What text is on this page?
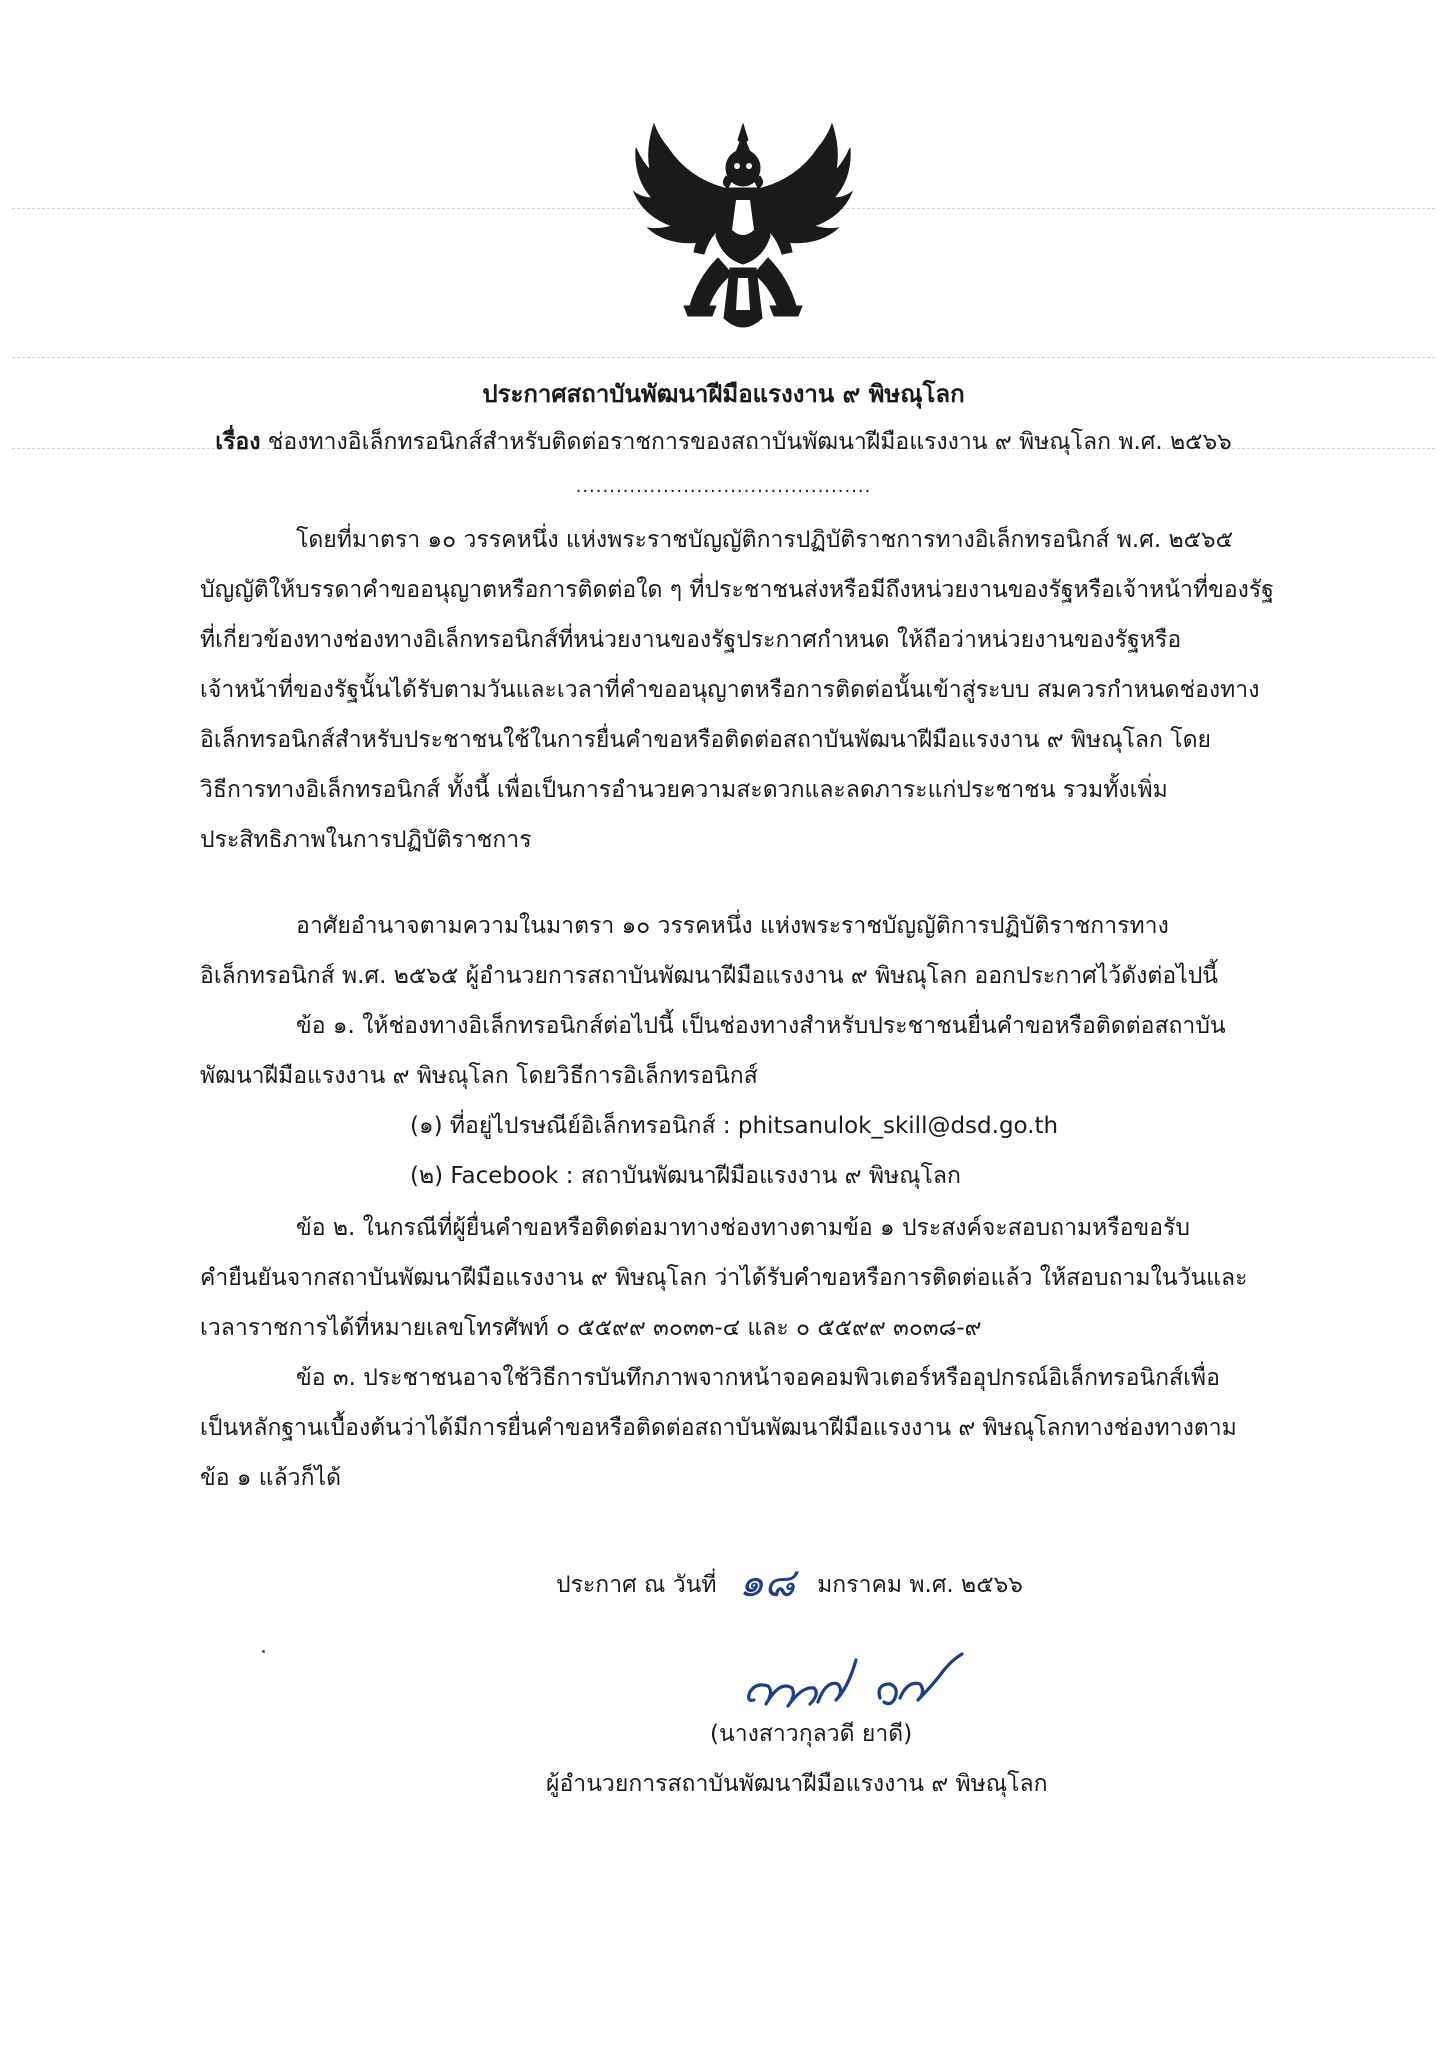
ประกาศสถาบันพัฒนาฝีมือแรงงาน ๙ พิษณุโลก
เรื่อง ช่องทางอิเล็กทรอนิกส์สำหรับติดต่อราชการของสถาบันพัฒนาฝีมือแรงงาน ๙ พิษณุโลก พ.ศ. ๒๕๖๖
............................................
โดยที่มาตรา ๑๐ วรรคหนึ่ง แห่งพระราชบัญญัติการปฏิบัติราชการทางอิเล็กทรอนิกส์ พ.ศ. ๒๕๖๕
บัญญัติให้บรรดาคำขออนุญาตหรือการติดต่อใด ๆ ที่ประชาชนส่งหรือมีถึงหน่วยงานของรัฐหรือเจ้าหน้าที่ของรัฐ
ที่เกี่ยวข้องทางช่องทางอิเล็กทรอนิกส์ที่หน่วยงานของรัฐประกาศกำหนด ให้ถือว่าหน่วยงานของรัฐหรือ
เจ้าหน้าที่ของรัฐนั้นได้รับตามวันและเวลาที่คำขออนุญาตหรือการติดต่อนั้นเข้าสู่ระบบ สมควรกำหนดช่องทาง
อิเล็กทรอนิกส์สำหรับประชาชนใช้ในการยื่นคำขอหรือติดต่อสถาบันพัฒนาฝีมือแรงงาน ๙ พิษณุโลก โดย
วิธีการทางอิเล็กทรอนิกส์ ทั้งนี้ เพื่อเป็นการอำนวยความสะดวกและลดภาระแก่ประชาชน รวมทั้งเพิ่ม
ประสิทธิภาพในการปฏิบัติราชการ
อาศัยอำนาจตามความในมาตรา ๑๐ วรรคหนึ่ง แห่งพระราชบัญญัติการปฏิบัติราชการทาง
อิเล็กทรอนิกส์ พ.ศ. ๒๕๖๕ ผู้อำนวยการสถาบันพัฒนาฝีมือแรงงาน ๙ พิษณุโลก ออกประกาศไว้ดังต่อไปนี้
ข้อ ๑. ให้ช่องทางอิเล็กทรอนิกส์ต่อไปนี้ เป็นช่องทางสำหรับประชาชนยื่นคำขอหรือติดต่อสถาบัน
พัฒนาฝีมือแรงงาน ๙ พิษณุโลก โดยวิธีการอิเล็กทรอนิกส์
(๑) ที่อยู่ไปรษณีย์อิเล็กทรอนิกส์ : phitsanulok_skill@dsd.go.th
(๒) Facebook : สถาบันพัฒนาฝีมือแรงงาน ๙ พิษณุโลก
ข้อ ๒. ในกรณีที่ผู้ยื่นคำขอหรือติดต่อมาทางช่องทางตามข้อ ๑ ประสงค์จะสอบถามหรือขอรับ
คำยืนยันจากสถาบันพัฒนาฝีมือแรงงาน ๙ พิษณุโลก ว่าได้รับคำขอหรือการติดต่อแล้ว ให้สอบถามในวันและ
เวลาราชการได้ที่หมายเลขโทรศัพท์ ๐ ๕๕๙๙ ๓๐๓๓-๔ และ ๐ ๕๕๙๙ ๓๐๓๘-๙
ข้อ ๓. ประชาชนอาจใช้วิธีการบันทึกภาพจากหน้าจอคอมพิวเตอร์หรืออุปกรณ์อิเล็กทรอนิกส์เพื่อ
เป็นหลักฐานเบื้องต้นว่าได้มีการยื่นคำขอหรือติดต่อสถาบันพัฒนาฝีมือแรงงาน ๙ พิษณุโลกทางช่องทางตาม
ข้อ ๑ แล้วก็ได้
ประกาศ ณ วันที่ ๑๘ มกราคม พ.ศ. ๒๕๖๖
(นางสาวกุลวดี ยาดี)
ผู้อำนวยการสถาบันพัฒนาฝีมือแรงงาน ๙ พิษณุโลก
